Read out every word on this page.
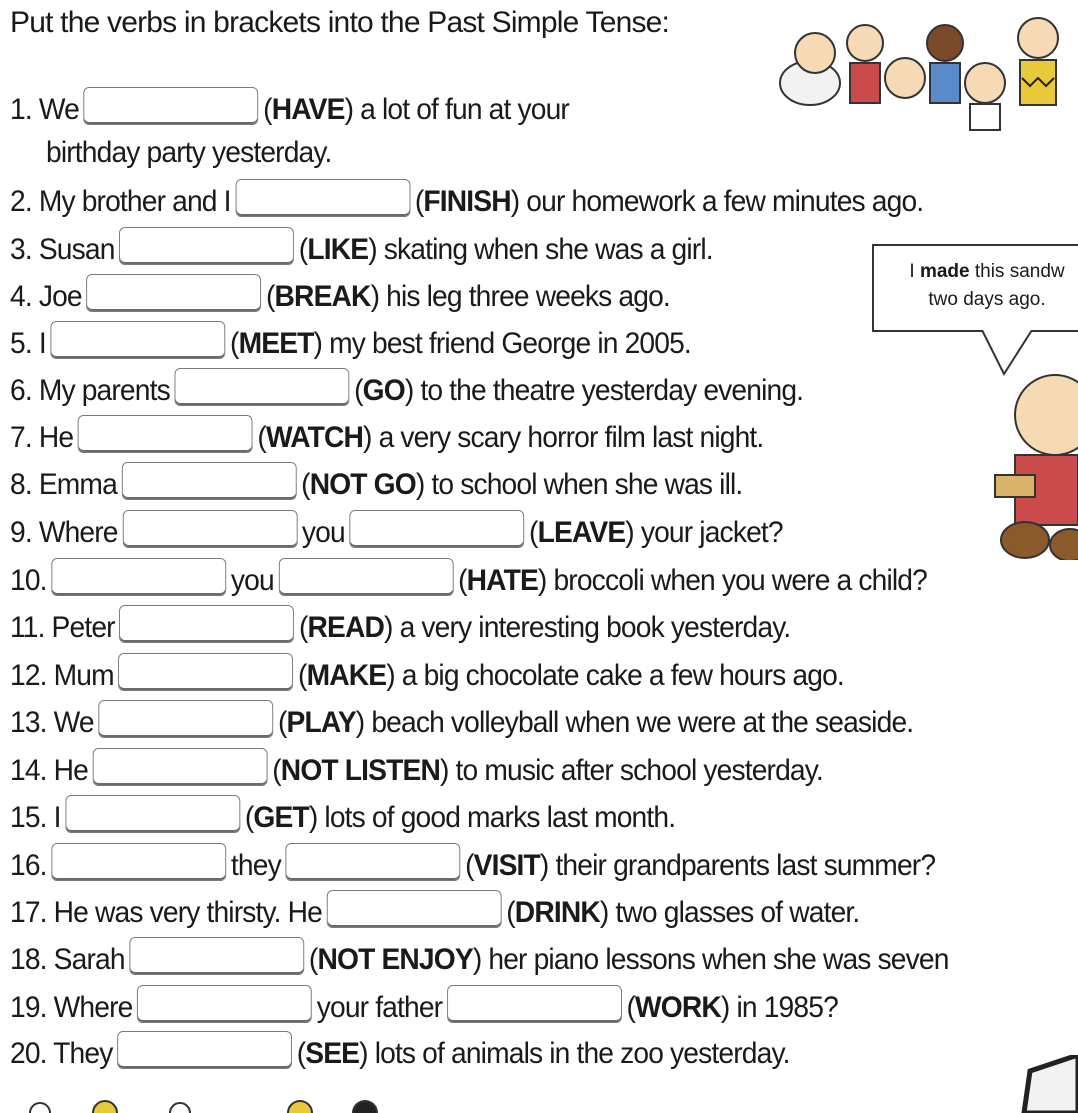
Put the verbs in brackets into the Past Simple Tense:
I made this sandw
two days ago.
1. We	(HAVE) a lot of fun at your
2. My brother and I	(FINISH) our homework a few minutes ago.
3. Susan	(LIKE) skating when she was a girl.
4. Joe	(BREAK) his leg three weeks ago.
5. I	(MEET) my best friend George in 2005.
6. My parents	(GO) to the theatre yesterday evening.
7. He	(WATCH) a very scary horror film last night.
8. Emma	(NOT GO) to school when she was ill.
9. Where	you	(LEAVE) your jacket?
10.	you	(HATE) broccoli when you were a child?
11. Peter	(READ) a very interesting book yesterday.
12. Mum	(MAKE) a big chocolate cake a few hours ago.
13. We	(PLAY) beach volleyball when we were at the seaside.
14. He	(NOT LISTEN) to music after school yesterday.
15. I	(GET) lots of good marks last month.
16.	they	(VISIT) their grandparents last summer?
17. He was very thirsty. He	(DRINK) two glasses of water.
18. Sarah	(NOT ENJOY) her piano lessons when she was seven
19. Where	your father	(WORK) in 1985?
20. They	(SEE) lots of animals in the zoo yesterday.
birthday party yesterday.
